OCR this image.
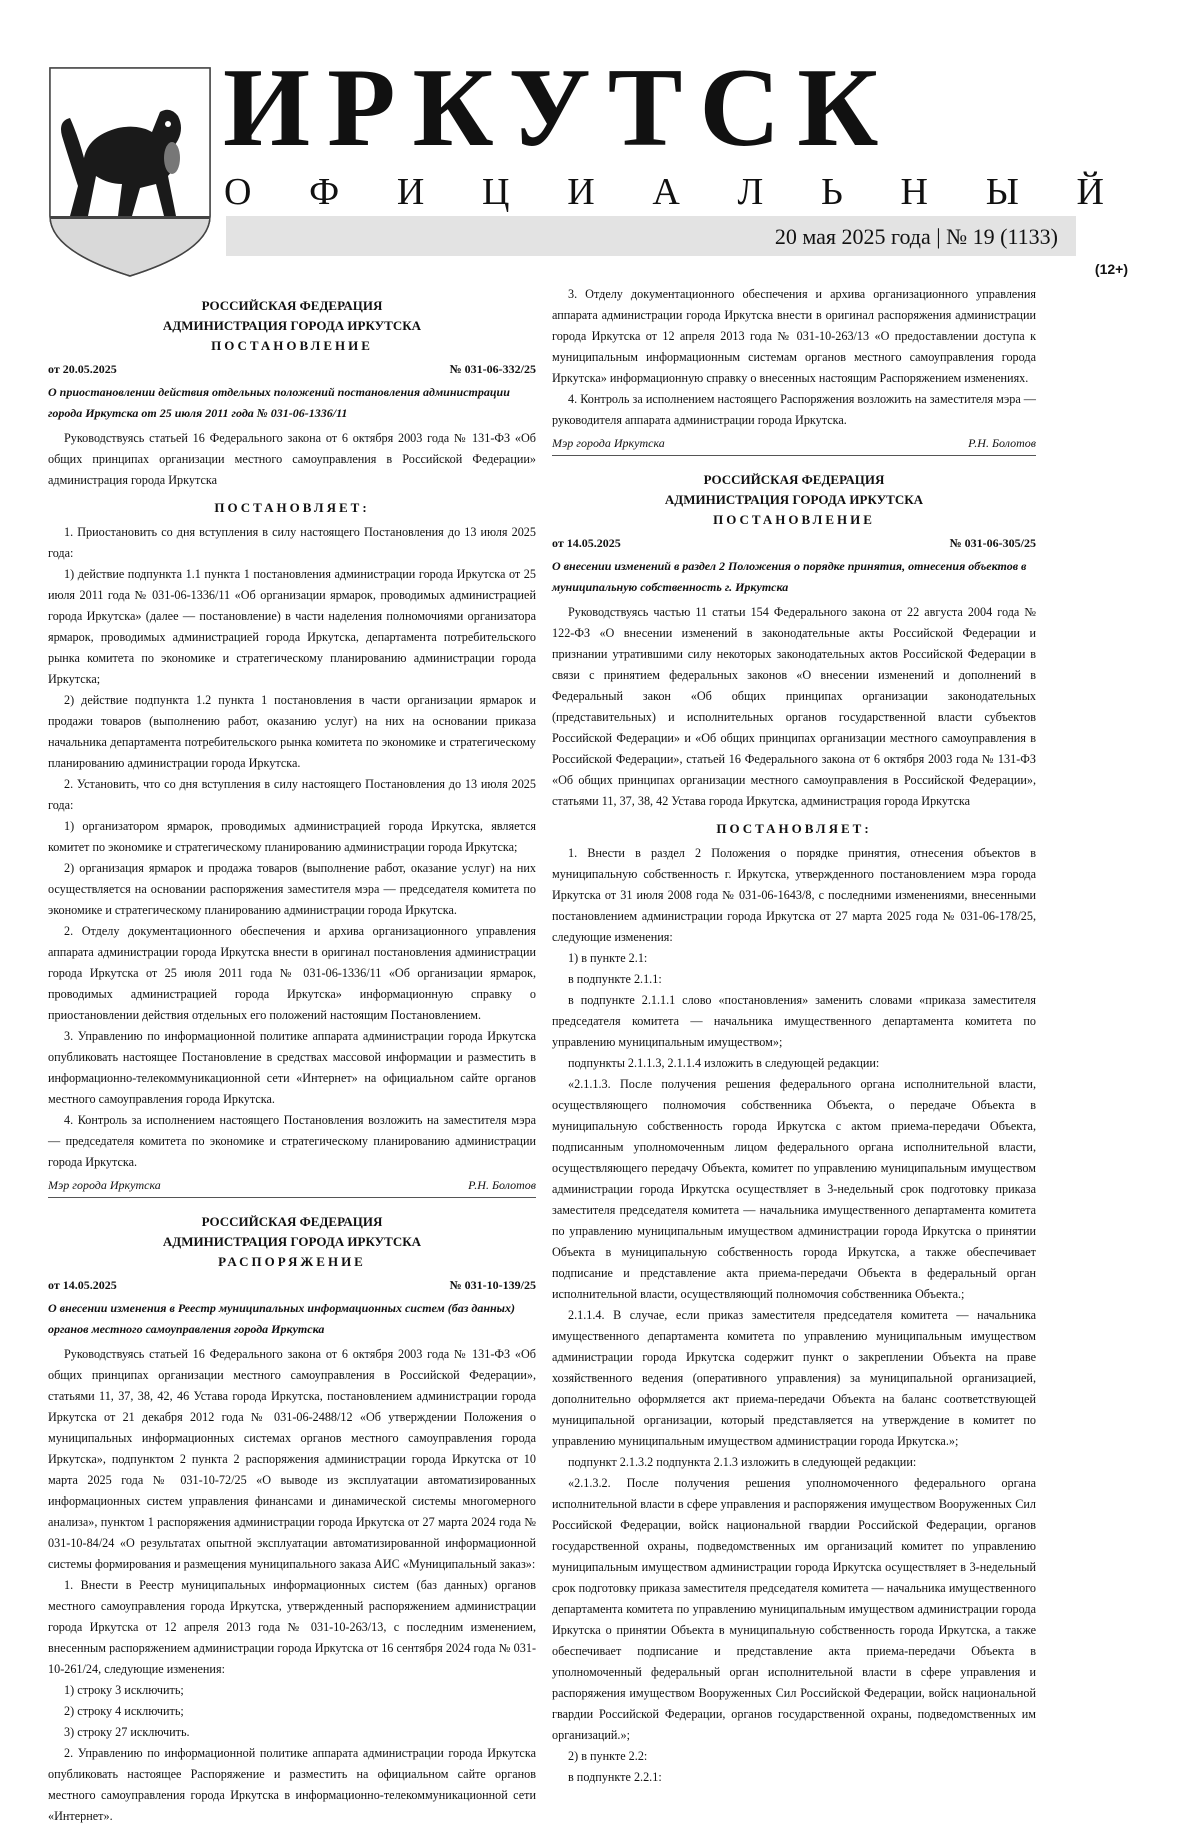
ИРКУТСК
О Ф И Ц И А Л Ь Н Ы Й
20 мая 2025 года | № 19 (1133)
(12+)
РОССИЙСКАЯ ФЕДЕРАЦИЯ
АДМИНИСТРАЦИЯ ГОРОДА ИРКУТСКА
ПОСТАНОВЛЕНИЕ
от 20.05.2025	№ 031-06-332/25
О приостановлении действия отдельных положений постановления администрации города Иркутска от 25 июля 2011 года № 031-06-1336/11

Руководствуясь статьей 16 Федерального закона от 6 октября 2003 года № 131-ФЗ «Об общих принципах организации местного самоуправления в Российской Федерации» администрация города Иркутска

ПОСТАНОВЛЯЕТ:

1. Приостановить со дня вступления в силу настоящего Постановления до 13 июля 2025 года:

1) действие подпункта 1.1 пункта 1 постановления администрации города Иркутска от 25 июля 2011 года № 031-06-1336/11 «Об организации ярмарок, проводимых администрацией города Иркутска» (далее — постановление) в части наделения полномочиями организатора ярмарок, проводимых администрацией города Иркутска, департамента потребительского рынка комитета по экономике и стратегическому планированию администрации города Иркутска;

2) действие подпункта 1.2 пункта 1 постановления в части организации ярмарок и продажи товаров (выполнению работ, оказанию услуг) на них на основании приказа начальника департамента потребительского рынка комитета по экономике и стратегическому планированию администрации города Иркутска.

2. Установить, что со дня вступления в силу настоящего Постановления до 13 июля 2025 года:

1) организатором ярмарок, проводимых администрацией города Иркутска, является комитет по экономике и стратегическому планированию администрации города Иркутска;

2) организация ярмарок и продажа товаров (выполнение работ, оказание услуг) на них осуществляется на основании распоряжения заместителя мэра — председателя комитета по экономике и стратегическому планированию администрации города Иркутска.

2. Отделу документационного обеспечения и архива организационного управления аппарата администрации города Иркутска внести в оригинал постановления администрации города Иркутска от 25 июля 2011 года № 031-06-1336/11 «Об организации ярмарок, проводимых администрацией города Иркутска» информационную справку о приостановлении действия отдельных его положений настоящим Постановлением.

3. Управлению по информационной политике аппарата администрации города Иркутска опубликовать настоящее Постановление в средствах массовой информации и разместить в информационно-телекоммуникационной сети «Интернет» на официальном сайте органов местного самоуправления города Иркутска.

4. Контроль за исполнением настоящего Постановления возложить на заместителя мэра — председателя комитета по экономике и стратегическому планированию администрации города Иркутска.

Мэр города Иркутска	Р.Н. Болотов
РОССИЙСКАЯ ФЕДЕРАЦИЯ
АДМИНИСТРАЦИЯ ГОРОДА ИРКУТСКА
РАСПОРЯЖЕНИЕ
от 14.05.2025	№ 031-10-139/25
О внесении изменения в Реестр муниципальных информационных систем (баз данных) органов местного самоуправления города Иркутска

Руководствуясь статьей 16 Федерального закона от 6 октября 2003 года № 131-ФЗ «Об общих принципах организации местного самоуправления в Российской Федерации», статьями 11, 37, 38, 42, 46 Устава города Иркутска, постановлением администрации города Иркутска от 21 декабря 2012 года № 031-06-2488/12 «Об утверждении Положения о муниципальных информационных системах органов местного самоуправления города Иркутска», подпунктом 2 пункта 2 распоряжения администрации города Иркутска от 10 марта 2025 года № 031-10-72/25 «О выводе из эксплуатации автоматизированных информационных систем управления финансами и динамической системы многомерного анализа», пунктом 1 распоряжения администрации города Иркутска от 27 марта 2024 года № 031-10-84/24 «О результатах опытной эксплуатации автоматизированной информационной системы формирования и размещения муниципального заказа АИС «Муниципальный заказ»:

1. Внести в Реестр муниципальных информационных систем (баз данных) органов местного самоуправления города Иркутска, утвержденный распоряжением администрации города Иркутска от 12 апреля 2013 года № 031-10-263/13, с последним изменением, внесенным распоряжением администрации города Иркутска от 16 сентября 2024 года № 031-10-261/24, следующие изменения:

1) строку 3 исключить;

2) строку 4 исключить;

3) строку 27 исключить.

2. Управлению по информационной политике аппарата администрации города Иркутска опубликовать настоящее Распоряжение и разместить на официальном сайте органов местного самоуправления города Иркутска в информационно-телекоммуникационной сети «Интернет».

3. Отделу документационного обеспечения и архива организационного управления аппарата администрации города Иркутска внести в оригинал распоряжения администрации города Иркутска от 12 апреля 2013 года № 031-10-263/13 «О предоставлении доступа к муниципальным информационным системам органов местного самоуправления города Иркутска» информационную справку о внесенных настоящим Распоряжением изменениях.

4. Контроль за исполнением настоящего Распоряжения возложить на заместителя мэра — руководителя аппарата администрации города Иркутска.

Мэр города Иркутска	Р.Н. Болотов
РОССИЙСКАЯ ФЕДЕРАЦИЯ
АДМИНИСТРАЦИЯ ГОРОДА ИРКУТСКА
ПОСТАНОВЛЕНИЕ
от 14.05.2025	№ 031-06-305/25
О внесении изменений в раздел 2 Положения о порядке принятия, отнесения объектов в муниципальную собственность г. Иркутска

Руководствуясь частью 11 статьи 154 Федерального закона от 22 августа 2004 года № 122-ФЗ «О внесении изменений в законодательные акты Российской Федерации и признании утратившими силу некоторых законодательных актов Российской Федерации в связи с принятием федеральных законов «О внесении изменений и дополнений в Федеральный закон «Об общих принципах организации законодательных (представительных) и исполнительных органов государственной власти субъектов Российской Федерации» и «Об общих принципах организации местного самоуправления в Российской Федерации», статьей 16 Федерального закона от 6 октября 2003 года № 131-ФЗ «Об общих принципах организации местного самоуправления в Российской Федерации», статьями 11, 37, 38, 42 Устава города Иркутска, администрация города Иркутска

ПОСТАНОВЛЯЕТ:

1. Внести в раздел 2 Положения о порядке принятия, отнесения объектов в муниципальную собственность г. Иркутска, утвержденного постановлением мэра города Иркутска от 31 июля 2008 года № 031-06-1643/8, с последними изменениями, внесенными постановлением администрации города Иркутска от 27 марта 2025 года № 031-06-178/25, следующие изменения:

1) в пункте 2.1:

в подпункте 2.1.1:

в подпункте 2.1.1.1 слово «постановления» заменить словами «приказа заместителя председателя комитета — начальника имущественного департамента комитета по управлению муниципальным имуществом»;

подпункты 2.1.1.3, 2.1.1.4 изложить в следующей редакции:

«2.1.1.3. После получения решения федерального органа исполнительной власти, осуществляющего полномочия собственника Объекта, о передаче Объекта в муниципальную собственность города Иркутска с актом приема-передачи Объекта, подписанным уполномоченным лицом федерального органа исполнительной власти, осуществляющего передачу Объекта, комитет по управлению муниципальным имуществом администрации города Иркутска осуществляет в 3-недельный срок подготовку приказа заместителя председателя комитета — начальника имущественного департамента комитета по управлению муниципальным имуществом администрации города Иркутска о принятии Объекта в муниципальную собственность города Иркутска, а также обеспечивает подписание и представление акта приема-передачи Объекта в федеральный орган исполнительной власти, осуществляющий полномочия собственника Объекта.;

2.1.1.4. В случае, если приказ заместителя председателя комитета — начальника имущественного департамента комитета по управлению муниципальным имуществом администрации города Иркутска содержит пункт о закреплении Объекта на праве хозяйственного ведения (оперативного управления) за муниципальной организацией, дополнительно оформляется акт приема-передачи Объекта на баланс соответствующей муниципальной организации, который представляется на утверждение в комитет по управлению муниципальным имуществом администрации города Иркутска.»;

подпункт 2.1.3.2 подпункта 2.1.3 изложить в следующей редакции:

«2.1.3.2. После получения решения уполномоченного федерального органа исполнительной власти в сфере управления и распоряжения имуществом Вооруженных Сил Российской Федерации, войск национальной гвардии Российской Федерации, органов государственной охраны, подведомственных им организаций комитет по управлению муниципальным имуществом администрации города Иркутска осуществляет в 3-недельный срок подготовку приказа заместителя председателя комитета — начальника имущественного департамента комитета по управлению муниципальным имуществом администрации города Иркутска о принятии Объекта в муниципальную собственность города Иркутска, а также обеспечивает подписание и представление акта приема-передачи Объекта в уполномоченный федеральный орган исполнительной власти в сфере управления и распоряжения имуществом Вооруженных Сил Российской Федерации, войск национальной гвардии Российской Федерации, органов государственной охраны, подведомственных им организаций.»;

2) в пункте 2.2:

в подпункте 2.2.1:
